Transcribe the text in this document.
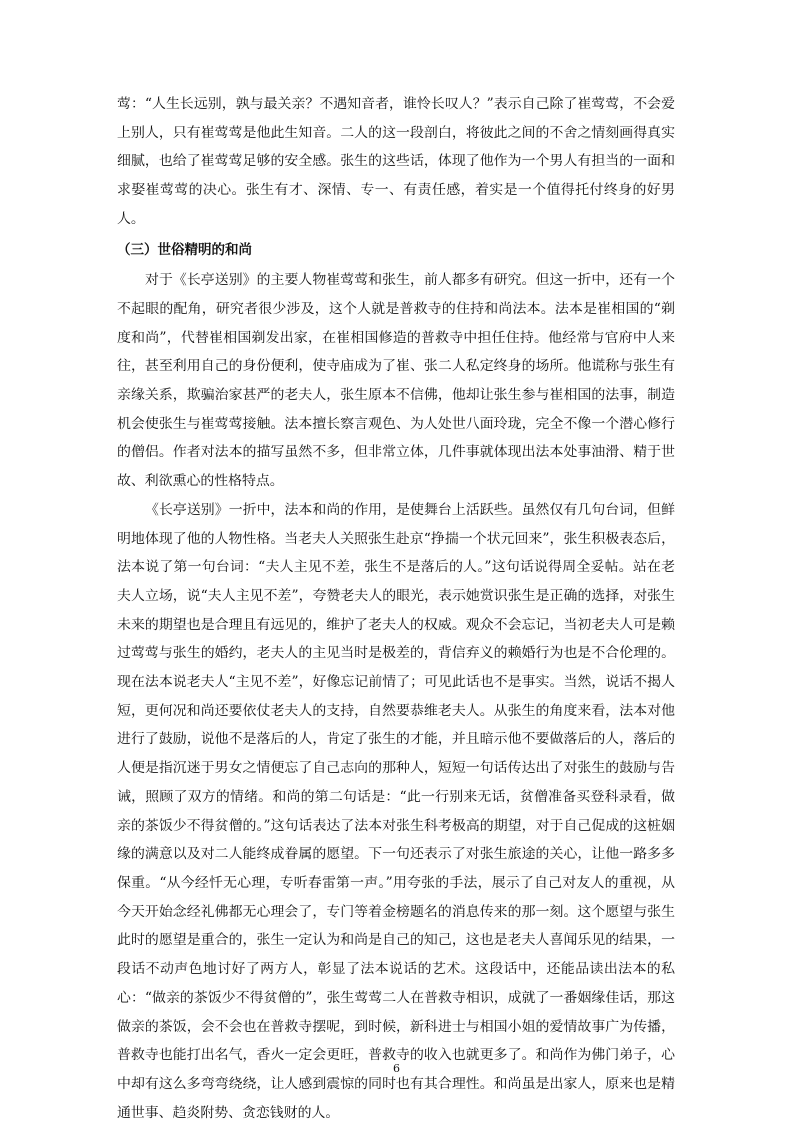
莺：“人生长远别，孰与最关亲？不遇知音者，谁怜长叹人？”表示自己除了崔莺莺，不会爱上别人，只有崔莺莺是他此生知音。二人的这一段剖白，将彼此之间的不舍之情刻画得真实细腻，也给了崔莺莺足够的安全感。张生的这些话，体现了他作为一个男人有担当的一面和求娶崔莺莺的决心。张生有才、深情、专一、有责任感，着实是一个值得托付终身的好男人。

（三）世俗精明的和尚

对于《长亭送别》的主要人物崔莺莺和张生，前人都多有研究。但这一折中，还有一个不起眼的配角，研究者很少涉及，这个人就是普救寺的住持和尚法本。法本是崔相国的“剃度和尚”，代替崔相国剃发出家，在崔相国修造的普救寺中担任住持。他经常与官府中人来往，甚至利用自己的身份便利，使寺庙成为了崔、张二人私定终身的场所。他谎称与张生有亲缘关系，欺骗治家甚严的老夫人，张生原本不信佛，他却让张生参与崔相国的法事，制造机会使张生与崔莺莺接触。法本擅长察言观色、为人处世八面玲珑，完全不像一个潜心修行的僧侣。作者对法本的描写虽然不多，但非常立体，几件事就体现出法本处事油滑、精于世故、利欲熏心的性格特点。

《长亭送别》一折中，法本和尚的作用，是使舞台上活跃些。虽然仅有几句台词，但鲜明地体现了他的人物性格。当老夫人关照张生赴京“挣揣一个状元回来”，张生积极表态后，法本说了第一句台词：“夫人主见不差，张生不是落后的人。”这句话说得周全妥帖。站在老夫人立场，说“夫人主见不差”，夸赞老夫人的眼光，表示她赏识张生是正确的选择，对张生未来的期望也是合理且有远见的，维护了老夫人的权威。观众不会忘记，当初老夫人可是赖过莺莺与张生的婚约，老夫人的主见当时是极差的，背信弃义的赖婚行为也是不合伦理的。现在法本说老夫人“主见不差”，好像忘记前情了；可见此话也不是事实。当然，说话不揭人短，更何况和尚还要依仗老夫人的支持，自然要恭维老夫人。从张生的角度来看，法本对他进行了鼓励，说他不是落后的人，肯定了张生的才能，并且暗示他不要做落后的人，落后的人便是指沉迷于男女之情便忘了自己志向的那种人，短短一句话传达出了对张生的鼓励与告诫，照顾了双方的情绪。和尚的第二句话是：“此一行别来无话，贫僧准备买登科录看，做亲的茶饭少不得贫僧的。”这句话表达了法本对张生科考极高的期望，对于自己促成的这桩姻缘的满意以及对二人能终成眷属的愿望。下一句还表示了对张生旅途的关心，让他一路多多保重。“从今经忏无心理，专听春雷第一声。”用夸张的手法，展示了自己对友人的重视，从今天开始念经礼佛都无心理会了，专门等着金榜题名的消息传来的那一刻。这个愿望与张生此时的愿望是重合的，张生一定认为和尚是自己的知己，这也是老夫人喜闻乐见的结果，一段话不动声色地讨好了两方人，彰显了法本说话的艺术。这段话中，还能品读出法本的私心：“做亲的茶饭少不得贫僧的”，张生莺莺二人在普救寺相识，成就了一番姻缘佳话，那这做亲的茶饭，会不会也在普救寺摆呢，到时候，新科进士与相国小姐的爱情故事广为传播，普救寺也能打出名气，香火一定会更旺，普救寺的收入也就更多了。和尚作为佛门弟子，心中却有这么多弯弯绕绕，让人感到震惊的同时也有其合理性。和尚虽是出家人，原来也是精通世事、趋炎附势、贪恋钱财的人。

6
